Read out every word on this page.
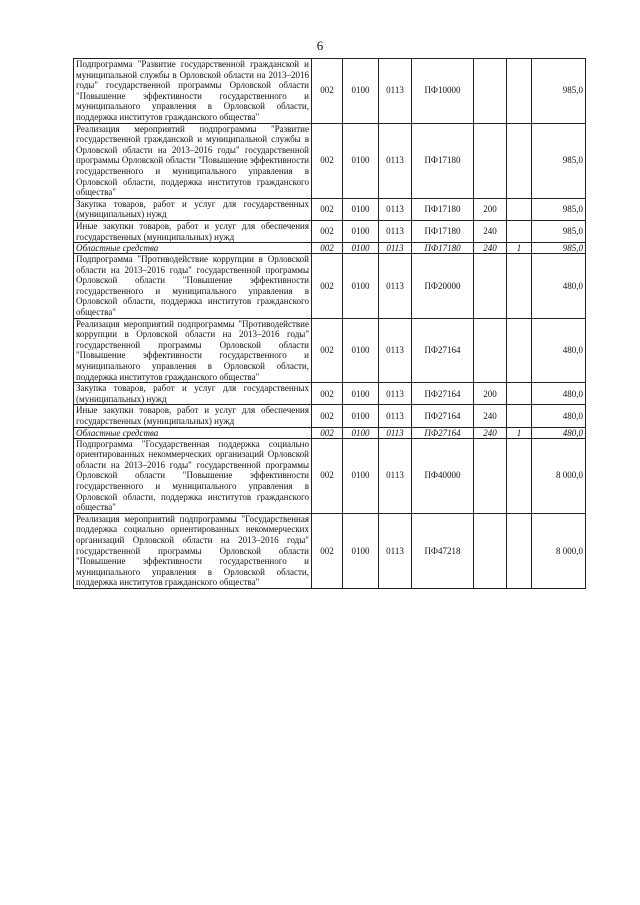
6
Подпрограмма "Развитие государственной гражданской и муниципальной службы в Орловской области на 2013–2016 годы" государственной программы Орловской области "Повышение эффективности государственного и муниципального управления в Орловской области, поддержка институтов гражданского общества"	002	0100	0113	ПФ10000			985,0
Реализация мероприятий подпрограммы "Развитие государственной гражданской и муниципальной службы в Орловской области на 2013–2016 годы" государственной программы Орловской области "Повышение эффективности государственного и муниципального управления в Орловской области, поддержка институтов гражданского общества"	002	0100	0113	ПФ17180			985,0
Закупка товаров, работ и услуг для государственных (муниципальных) нужд	002	0100	0113	ПФ17180	200		985,0
Иные закупки товаров, работ и услуг для обеспечения государственных (муниципальных) нужд	002	0100	0113	ПФ17180	240		985,0
Областные средства	002	0100	0113	ПФ17180	240	1	985,0
Подпрограмма "Противодействие коррупции в Орловской области на 2013–2016 годы" государственной программы Орловской области "Повышение эффективности государственного и муниципального управления в Орловской области, поддержка институтов гражданского общества"	002	0100	0113	ПФ20000			480,0
Реализация мероприятий подпрограммы "Противодействие коррупции в Орловской области на 2013–2016 годы" государственной программы Орловской области "Повышение эффективности государственного и муниципального управления в Орловской области, поддержка институтов гражданского общества"	002	0100	0113	ПФ27164			480,0
Закупка товаров, работ и услуг для государственных (муниципальных) нужд	002	0100	0113	ПФ27164	200		480,0
Иные закупки товаров, работ и услуг для обеспечения государственных (муниципальных) нужд	002	0100	0113	ПФ27164	240		480,0
Областные средства	002	0100	0113	ПФ27164	240	1	480,0
Подпрограмма "Государственная поддержка социально ориентированных некоммерческих организаций Орловской области на 2013–2016 годы" государственной программы Орловской области "Повышение эффективности государственного и муниципального управления в Орловской области, поддержка институтов гражданского общества"	002	0100	0113	ПФ40000			8 000,0
Реализация мероприятий подпрограммы "Государственная поддержка социально ориентированных некоммерческих организаций Орловской области на 2013–2016 годы" государственной программы Орловской области "Повышение эффективности государственного и муниципального управления в Орловской области, поддержка институтов гражданского общества"	002	0100	0113	ПФ47218			8 000,0
